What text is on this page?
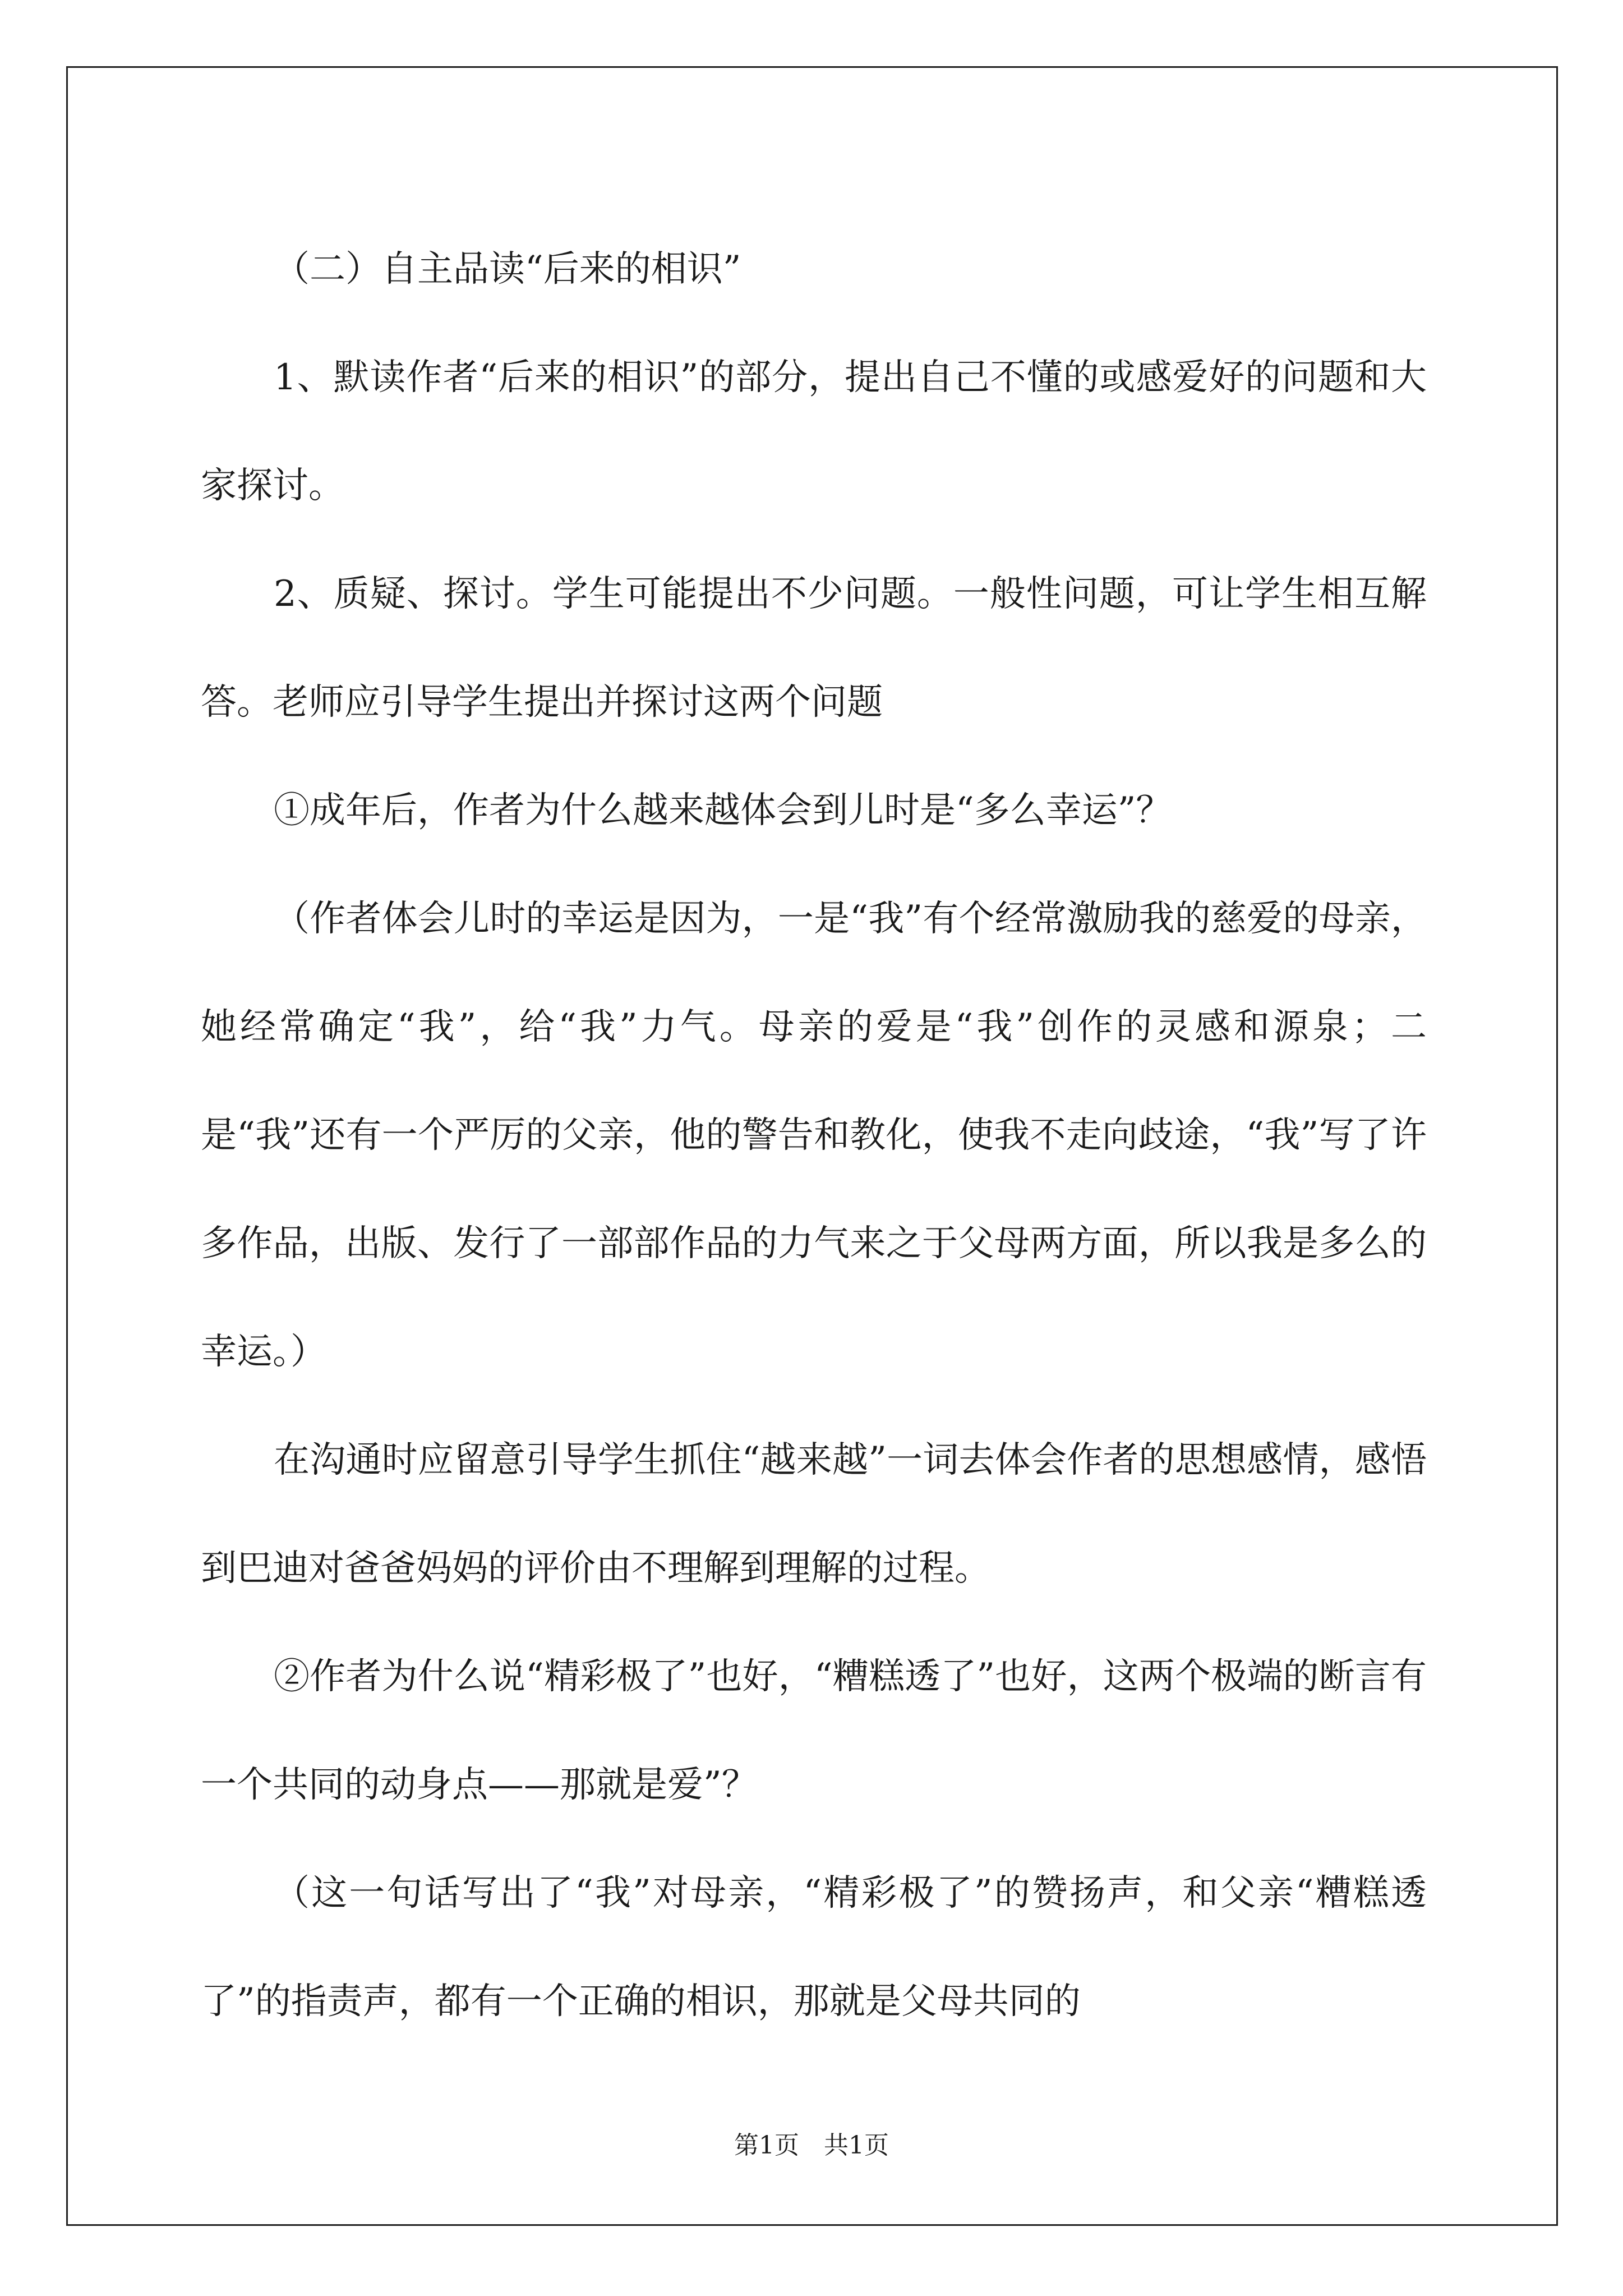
（二）自主品读“后来的相识”

1、默读作者“后来的相识”的部分，提出自己不懂的或感爱好的问题和大家探讨。

2、质疑、探讨。学生可能提出不少问题。一般性问题，可让学生相互解答。老师应引导学生提出并探讨这两个问题

①成年后，作者为什么越来越体会到儿时是“多么幸运”？

（作者体会儿时的幸运是因为，一是“我”有个经常激励我的慈爱的母亲，她经常确定“我”，给“我”力气。母亲的爱是“我”创作的灵感和源泉；二是“我”还有一个严厉的父亲，他的警告和教化，使我不走向歧途，“我”写了许多作品，出版、发行了一部部作品的力气来之于父母两方面，所以我是多么的幸运。）

在沟通时应留意引导学生抓住“越来越”一词去体会作者的思想感情，感悟到巴迪对爸爸妈妈的评价由不理解到理解的过程。

②作者为什么说“精彩极了”也好，“糟糕透了”也好，这两个极端的断言有一个共同的动身点——那就是爱”？

（这一句话写出了“我”对母亲，“精彩极了”的赞扬声，和父亲“糟糕透了”的指责声，都有一个正确的相识，那就是父母共同的

第1页　共1页
